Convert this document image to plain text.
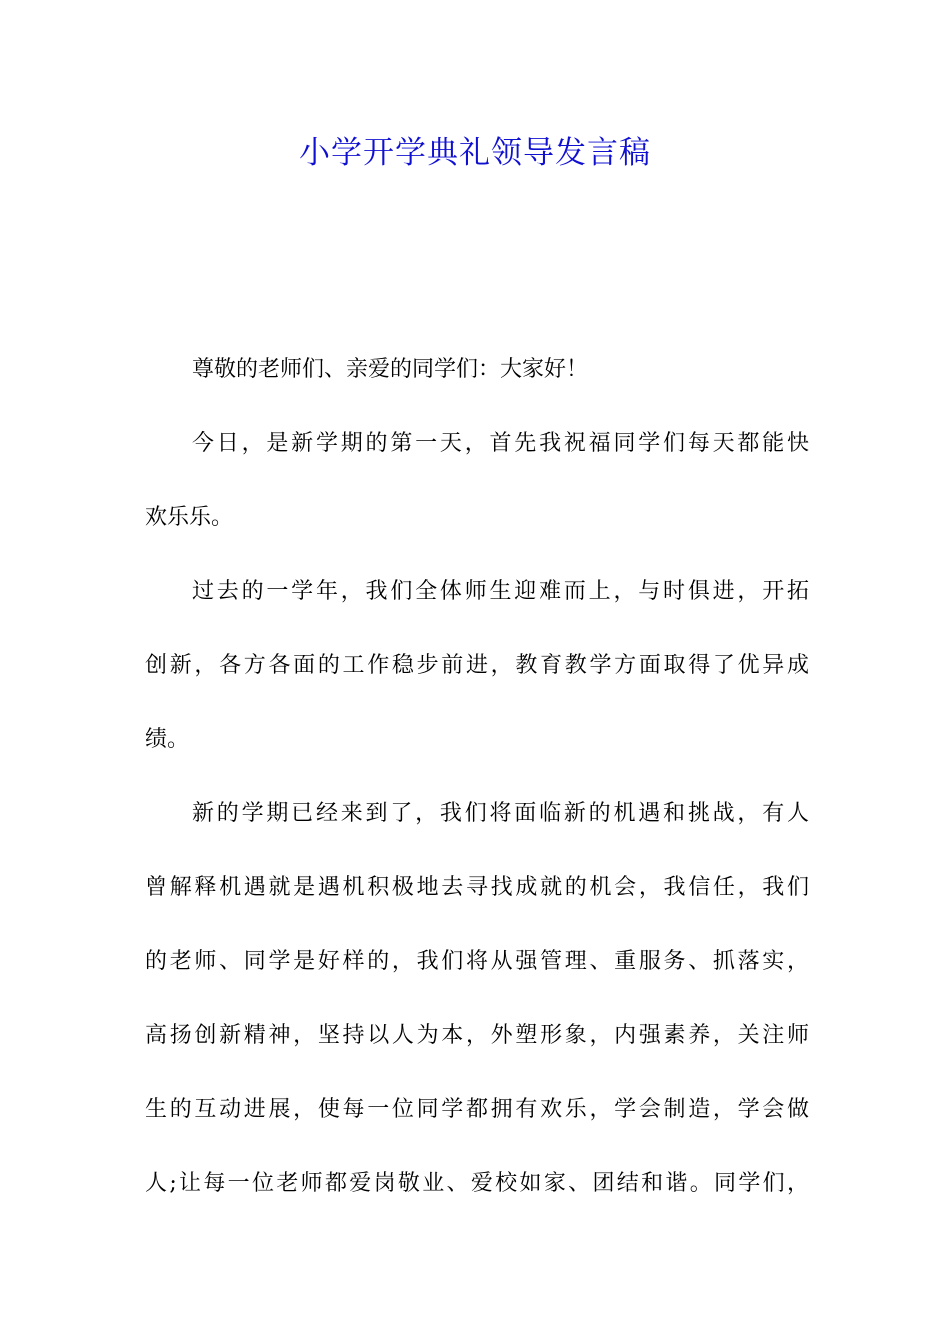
小学开学典礼领导发言稿
尊敬的老师们、亲爱的同学们：大家好！
今日，是新学期的第一天，首先我祝福同学们每天都能快
欢乐乐。
过去的一学年，我们全体师生迎难而上，与时俱进，开拓
创新，各方各面的工作稳步前进，教育教学方面取得了优异成
绩。
新的学期已经来到了，我们将面临新的机遇和挑战，有人
曾解释机遇就是遇机积极地去寻找成就的机会，我信任，我们
的老师、同学是好样的，我们将从强管理、重服务、抓落实，
高扬创新精神，坚持以人为本，外塑形象，内强素养，关注师
生的互动进展，使每一位同学都拥有欢乐，学会制造，学会做
人;让每一位老师都爱岗敬业、爱校如家、团结和谐。同学们，
